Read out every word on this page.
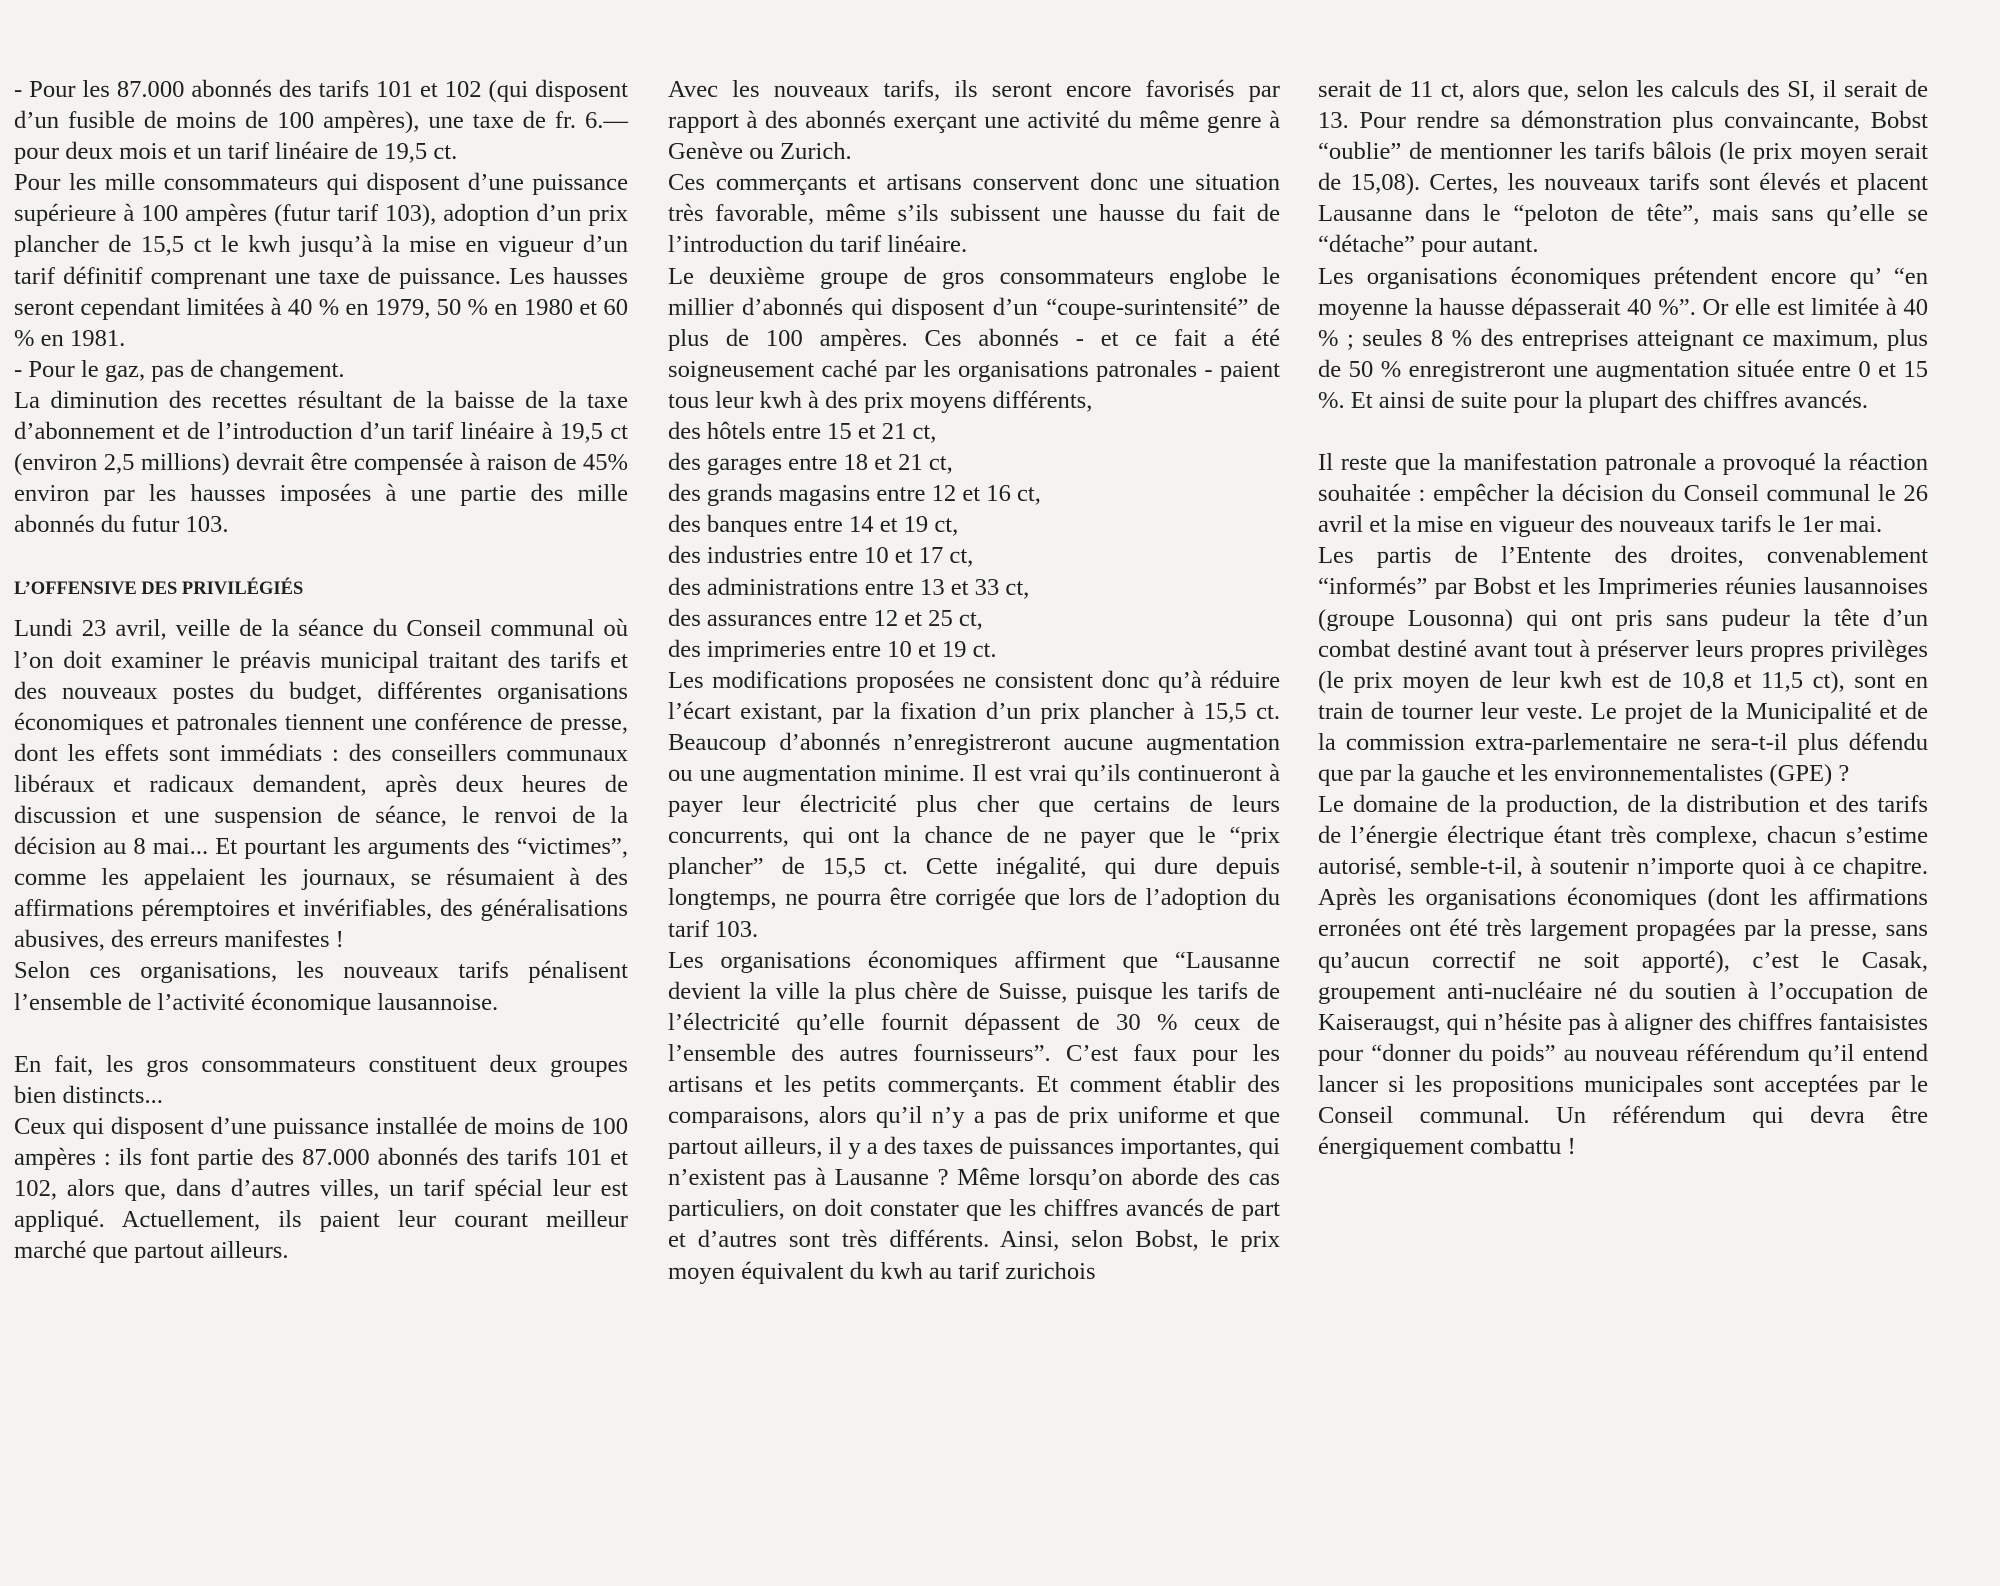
- Pour les 87.000 abonnés des tarifs 101 et 102 (qui disposent d’un fusible de moins de 100 ampères), une taxe de fr. 6.— pour deux mois et un tarif linéaire de 19,5 ct.

Pour les mille consommateurs qui disposent d’une puissance supérieure à 100 ampères (futur tarif 103), adoption d’un prix plancher de 15,5 ct le kwh jusqu’à la mise en vigueur d’un tarif définitif comprenant une taxe de puissance. Les hausses seront cependant limitées à 40 % en 1979, 50 % en 1980 et 60 % en 1981.

- Pour le gaz, pas de changement.

La diminution des recettes résultant de la baisse de la taxe d’abonnement et de l’introduction d’un tarif linéaire à 19,5 ct (environ 2,5 millions) devrait être compensée à raison de 45% environ par les hausses imposées à une partie des mille abonnés du futur 103.

L’OFFENSIVE DES PRIVILÉGIÉS

Lundi 23 avril, veille de la séance du Conseil communal où l’on doit examiner le préavis municipal traitant des tarifs et des nouveaux postes du budget, différentes organisations économiques et patronales tiennent une conférence de presse, dont les effets sont immédiats : des conseillers communaux libéraux et radicaux demandent, après deux heures de discussion et une suspension de séance, le renvoi de la décision au 8 mai... Et pourtant les arguments des “victimes”, comme les appelaient les journaux, se résumaient à des affirmations péremptoires et invérifiables, des généralisations abusives, des erreurs manifestes !

Selon ces organisations, les nouveaux tarifs pénalisent l’ensemble de l’activité économique lausannoise.

En fait, les gros consommateurs constituent deux groupes bien distincts...

Ceux qui disposent d’une puissance installée de moins de 100 ampères : ils font partie des 87.000 abonnés des tarifs 101 et 102, alors que, dans d’autres villes, un tarif spécial leur est appliqué. Actuellement, ils paient leur courant meilleur marché que partout ailleurs.

Avec les nouveaux tarifs, ils seront encore favorisés par rapport à des abonnés exerçant une activité du même genre à Genève ou Zurich.

Ces commerçants et artisans conservent donc une situation très favorable, même s’ils subissent une hausse du fait de l’introduction du tarif linéaire.

Le deuxième groupe de gros consommateurs englobe le millier d’abonnés qui disposent d’un “coupe-surintensité” de plus de 100 ampères. Ces abonnés - et ce fait a été soigneusement caché par les organisations patronales - paient tous leur kwh à des prix moyens différents,

des hôtels entre 15 et 21 ct,

des garages entre 18 et 21 ct,

des grands magasins entre 12 et 16 ct,

des banques entre 14 et 19 ct,

des industries entre 10 et 17 ct,

des administrations entre 13 et 33 ct,

des assurances entre 12 et 25 ct,

des imprimeries entre 10 et 19 ct.

Les modifications proposées ne consistent donc qu’à réduire l’écart existant, par la fixation d’un prix plancher à 15,5 ct. Beaucoup d’abonnés n’enregistreront aucune augmentation ou une augmentation minime. Il est vrai qu’ils continueront à payer leur électricité plus cher que certains de leurs concurrents, qui ont la chance de ne payer que le “prix plancher” de 15,5 ct. Cette inégalité, qui dure depuis longtemps, ne pourra être corrigée que lors de l’adoption du tarif 103.

Les organisations économiques affirment que “Lausanne devient la ville la plus chère de Suisse, puisque les tarifs de l’électricité qu’elle fournit dépassent de 30 % ceux de l’ensemble des autres fournisseurs”. C’est faux pour les artisans et les petits commerçants. Et comment établir des comparaisons, alors qu’il n’y a pas de prix uniforme et que partout ailleurs, il y a des taxes de puissances importantes, qui n’existent pas à Lausanne ? Même lorsqu’on aborde des cas particuliers, on doit constater que les chiffres avancés de part et d’autres sont très différents. Ainsi, selon Bobst, le prix moyen équivalent du kwh au tarif zurichois

serait de 11 ct, alors que, selon les calculs des SI, il serait de 13. Pour rendre sa démonstration plus convaincante, Bobst “oublie” de mentionner les tarifs bâlois (le prix moyen serait de 15,08). Certes, les nouveaux tarifs sont élevés et placent Lausanne dans le “peloton de tête”, mais sans qu’elle se “détache” pour autant.

Les organisations économiques prétendent encore qu’ “en moyenne la hausse dépasserait 40 %”. Or elle est limitée à 40 % ; seules 8 % des entreprises atteignant ce maximum, plus de 50 % enregistreront une augmentation située entre 0 et 15 %. Et ainsi de suite pour la plupart des chiffres avancés.

Il reste que la manifestation patronale a provoqué la réaction souhaitée : empêcher la décision du Conseil communal le 26 avril et la mise en vigueur des nouveaux tarifs le 1er mai.

Les partis de l’Entente des droites, convenablement “informés” par Bobst et les Imprimeries réunies lausannoises (groupe Lousonna) qui ont pris sans pudeur la tête d’un combat destiné avant tout à préserver leurs propres privilèges (le prix moyen de leur kwh est de 10,8 et 11,5 ct), sont en train de tourner leur veste. Le projet de la Municipalité et de la commission extra-parlementaire ne sera-t-il plus défendu que par la gauche et les environnementalistes (GPE) ?

Le domaine de la production, de la distribution et des tarifs de l’énergie électrique étant très complexe, chacun s’estime autorisé, semble-t-il, à soutenir n’importe quoi à ce chapitre. Après les organisations économiques (dont les affirmations erronées ont été très largement propagées par la presse, sans qu’aucun correctif ne soit apporté), c’est le Casak, groupement anti-nucléaire né du soutien à l’occupation de Kaiseraugst, qui n’hésite pas à aligner des chiffres fantaisistes pour “donner du poids” au nouveau référendum qu’il entend lancer si les propositions municipales sont acceptées par le Conseil communal. Un référendum qui devra être énergiquement combattu !
